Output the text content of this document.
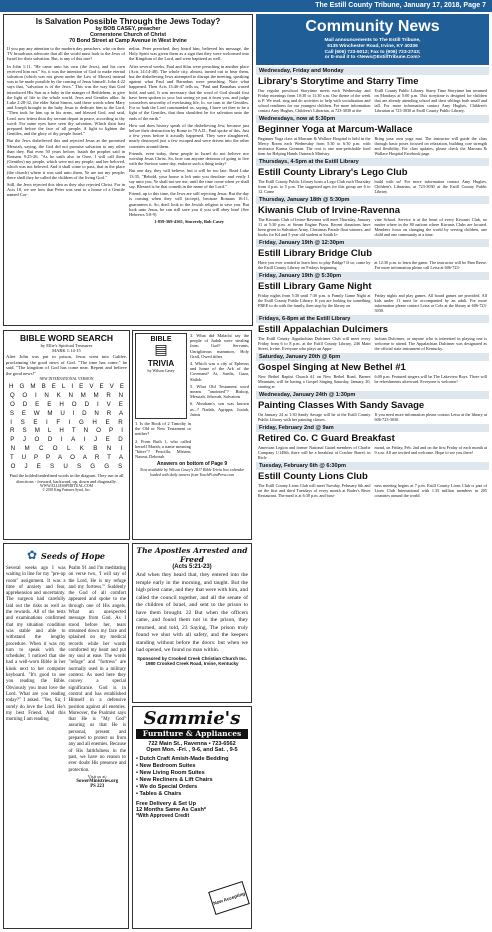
The Estill County Tribune, January 17, 2018, Page 7
Is Salvation Possible Through the Jews Today?
by BOB CASEY, preacher
Cornerstone Church of Christ
70 Bond Street at Camp Avenue in West Irvine

If you pay any attention to the modern day preachers, who on their TV broadcasts advocate that all the world must look to the Jews of Israel for their salvation. But, is any of this true?

In John 1:11, "He came unto his own (the Jews), and his own received him not." So, it was the intention of God to make eternal salvation (which was not given under the Law of Moses) instead was to be made possible by the coming of Jesus himself. John 4:22 says that, "salvation is of the Jews." This was the way that God introduced His Son as a baby in the manger of Bethlehem, to give the light of life to the whole world, Jews and Gentiles alike. In Luke 2:28-32, the elder Saint Simon, said these words when Mary and Joseph brought in the baby Jesus to dedicate him to the Lord, "Then took he him up in his arms, and blessed God, and said, Lord, now lettest thou thy servant depart in peace, according to thy word: For mine eyes have seen thy salvation, Which thou hast prepared before the face of all people; A light to lighten the Gentiles, and the glory of thy people Israel."

But the Jews disbelieved this and rejected Jesus as the promised Messiah, saying, the God did not promise salvation to any other than they. But even 50 years before, Isaiah the prophet said in Romans 9:25-26, "As he saith also in Osee, I will call them (Gentiles) my people, which were not my people; and her beloved, which was not beloved. And it shall come to pass, that in the place (the church) where it was said unto them, Ye are not my people; there shall they be called the children of the living God."

Still, the Jews rejected this idea as they also rejected Christ. For in Acts 10, we see how that Peter was sent to a house of a Gentile named Cor-

nelius. Peter preached, they heard him, believed his message, the Holy Spirit was given them as a sign that they were welcomed into the Kingdom of the Lord, and were baptized as well.

After several weeks, Paul and Silas were preaching in another place (Acts 14:14-48). The whole city, almost, turned out to hear them, but the disbelieving Jews attempted to disrupt the meeting, speaking against what Paul and Barnabus were preaching. Note what happened. Then Acts 13:46-47 tells us, "Paul and Barnabas waxed bold, and said, It was necessary that the word of God should first have been spoken to you: but seeing ye put it from you, and judge yourselves unworthy of everlasting life, lo, we turn to the Gentiles. For so hath the Lord commanded us, saying, I have set thee to be a light of the Gentiles, that thou shouldest be for salvation unto the ends of the earth."

How sad does history speak of the disbelieving Jew, because just before their destruction by Rome in 70 A.D., Paul spoke of this. Just a few years before it actually happened. They were slaughtered, nearly destroyed just a few escaped and were driven into the other countries around them.

Friends, even today, these people in Israel do not believe nor worship Jesus Christ. So, how can anyone desirous of going to live with the Saviour some day, endorse such a thing today?

But one day, they will believe, but it will be too late. Read Luke 13:35, "Behold, your house is left unto you desolate: and verily I say unto you, Ye shall not see me, until the time come when ye shall say, Blessed is he that cometh in the name of the Lord."

Friend, up to this time, the Jews are still rejecting Jesus. But the day is coming when they will (accept), because Romans 16:11, guarantees it. So, don't look to the Jewish religion to save you. But look unto Jesus, he can still save you if you will obey him! (See Hebrews 5:8-9)

1-859-369-4165, Sincerely, Bob Casey

BIBLE WORD SEARCH
by Ellie's Spiritual Treasures
MARK 1:14-15
After John was put in prison, Jesus went into Galilee, proclaiming the good news of God. "The time has come," he said. "The kingdom of God has come near. Repent and believe the good news!"
NEW INTERNATIONAL VERSION
H G M B E L I E V E V E
Q O I N K N M M R N
O D E E H O D I V E
S E W M U I D N R A
I S E I F I G H E R
R S M L H T N O P I
P J O D I A I J E D
N M C O L K B N I
T U P P A O A R T A
O J E S U S G G S
Find the bolded/underlined words in the diagram. They run in all directions - forward, backward, up, down and diagonally.
WWW.ELLIESSPIRITUAL.COM
© 2018 King Features Synd., Inc.
BIBLE
▤
TRIVIA
by Wilson Casey

3. What did Malachi say the people of Judah were stealing from God? Servants, Unrighteous mammon, Holy Grail, Owed tithes

4. Which was a city of Ephesus and home of the Ark of the Covenant? Ai, Sardis, Gaza, Shiloh

5. What Old Testament word means "anointed"? Bishop, Messiah, Jehovah, Salvation

6. Abraham's son was known as...? Nadab, Agrippa, Josiah, Jairus

1. Is the Book of 2 Timothy in the Old or New Testament or neither?

2. From Ruth 1, who called herself Marah, a name meaning "bitter"? Priscilla, Miriam, Naomi, Deborah

Answers on bottom of Page 9
Now available by Wilson Casey's 2017 Bible Trivia box calendar loaded with daily teasers from TouchPointPress.com
The Apostles Arrested and Freed
(Acts 5:21-23)
And when they heard that, they entered into the temple early in the morning, and taught. But the high priest came, and they that were with him, and called the council together, and all the senate of the children of Israel, and sent to the prison to have them brought. 22 But when the officers came, and found them not in the prison, they returned, and told, 23 Saying, The prison truly found we shut with all safety, and the keepers standing without before the doors: but when we had opened, we found no man within.
Sponsored by Crooked Creek Christian Church Inc.
1980 Crooked Creek Road, Irvine, Kentucky
✿ Seeds of Hope
Several weeks ago I was waiting in line for my "pre-op room" assignment. It was a time of anxiety and fear, apprehension and uncertainty. The surgeon had carefully laid out the risks as well as the rewards. All of the tests and examinations confirmed that my situation condition was stable and able to withstand the lengthy procedure. When it was my turn to speak with the scheduler, I noticed that she had a well-worn Bible in her kiosk next to her computer keyboard. "It's good to see you reading the Bible. Obviously you must love the Lord. What are you reading today?" I asked. "Yes, Sir, I surely do love the Lord. He's my best Friend. And this morning I am reading
Psalm 91 and I'm meditating on verse two, 'I will say of the Lord, He is my refuge and my fortress.'" Suddenly the God of all comfort appeared and spoke to me through one of His angels. What an unexpected message from God. As I stood before her, tears streamed down my face and splashed on my medical records while her words comforted my heart and put my soul at ease. The words "refuge" and "fortress" are normally used in a military context. As used here they convey a special significance. God is in control and has established Himself in a defensive position against all enemies. Moreover, the Psalmist says that He is "My God" assuring us that He is personal, present and prepared to protect us from any and all enemies. Because of His faithfulness in the past, we have no reason to ever doubt His presence and protection.
Visit us at:
SowerMinistries.org
PS 223
Sammie's
Furniture & Appliances
722 Main St., Ravenna • 723-6562
Open Mon. -Fri. , 9-6, and Sat. , 9-5
• Dutch Craft Amish-Made Bedding
• New Bedroom Suites
• New Living Room Suites
• New Recliners & Lift Chairs
• We do Special Orders
• Tables & Chairs
Free Delivery & Set Up
12 Months Same As Cash*
*With Approved Credit
Now Accepting
Community News
Mail announcements to The Estill Tribune,
6135 Winchester Road, Irvine, KY 40336
Call (606) 723-5012; Fax to (606) 723-2743;
or E-mail it to <News@EstillTribune.Com>
Wednesday, Friday and Monday
Library's Storytime and Starry Time
Our regular preschool Storytime meets each Wednesday and Friday mornings from 10:30 to 11:30 a.m. Our theme of the week is P. We read, sing and do activities to help with socialization and school readiness for our youngest children. For more information contact Amy Hughes, Children's Librarian, at 723-3030 at the
Estill County Public Library. Starry Time Storytime has resumed on Mondays at 5:00 p.m. This storytime is designed for children that are already attending school and their siblings both small and tall. For more information contact Amy Hughes, Children's Librarian at 723-3030 at Estill County Public Library.
Wednesdays, now at 5:30pm
Beginner Yoga at Marcum-Wallace
Beginner Yoga class at Marcum & Wallace Hospital is held in the Mercy Room each Wednesday from 5:30 to 6:30 p.m. with instructor Karma Gorman. The cost is one non-perishable food item for Helping Hands Outreach Ministry.
Bring your own yoga mat. The instructor will guide the class through basic poses focused on relaxation, building core strength and flexibility. For class updates, please check the Marcum & Wallace Hospital Facebook page.
Thursdays, 4-5pm at the Estill Library
Estill County Library's Lego Club
The Estill County Public Library hosts a Lego Club each Thursday from 4 p.m. to 5 p.m. The suggested ages for this group are 6 to 12. Come
build with us! For more information contact Amy Hughes, Children's Librarian, at 723-3030 at the Estill County Public Library.
Thursday, January 18th @ 5:30pm
Kiwanis Club of Irvine-Ravenna
The Kiwanis Club of Irvine-Ravenna will meet Thursday, January 11 at 5:30 p.m. at Steam Engine Pizza. Recent donations have been given to Salvation Army, Christmas Parade float winners, and books for K4 and 5 year old student at South Ir-
vine School. Service is at the heart of every Kiwanis Club, no matter where in the 80 nations where Kiwanis Clubs are located. Members focus on changing the world by serving children, one child and one community at a time.
Friday, January 19th @ 12:30pm
Estill Library Bridge Club
Have you ever wanted to learn how to play Bridge? If so, come by the Estill County Library on Fridays beginning
at 12:30 p.m. to learn the game. The instructor will be Pam Reese. For more information please call Leisa at 606-723-
Friday, January 19th @ 5:30pm
Estill Library Game Night
Friday nights from 5:30 until 7:30 p.m. is Family Game Night at the Estill County Public Library. If you are looking for something FREE to do with the family, then stop by the library on
Friday nights and play games. All board games are provided. All kids under 11 must be accompanied by an adult. For more information please contact Leisa or Cole at the library at 606-723-3030.
Fridays, 6-8pm at the Estill Library
Estill Appalachian Dulcimers
The Estill County Appalachian Dulcimer Club will meet every Friday from 6 to 8 p.m. at the Estill County Library, 246 Main Street, Irvine. Everyone who plays an Appa-
lachian Dulcimer, or anyone who is interested in playing one is welcome to attend. The Appalachian Dulcimer was designated as the official state instrument of Kentucky.
Saturday, January 20th @ 6pm
Gospel Singing at New Bethel #1
New Bethel Baptist Church #1 on New Bethel Road, Barnes Mountain, will be having a Gospel Singing Saturday, January 20, starting at
6:00 p.m. Featured singers will be The Lakeview Boys. There will be refreshments afterward. Everyone is welcome!
Wednesday, January 24th @ 1:30pm
Painting Classes With Sandy Savage
On January 24 at 1:30 Sandy Savage will be at the Estill County Public Library with her painting classes.
If you need more information please contact Leisa at the library at 606-723-3030.
Friday, February 2nd @ 9am
Retired Co. C Guard Breakfast
American Legion and former National Guard members of Charlie Company 1/149th, there will be a breakfast at Cracker Barrel, in Rich-
mond, on Friday, Feb. 2nd and on the first Friday of each month at 9 a.m. All are invited and welcome. Hope to see you there!
Tuesday, February 6th @ 6:30pm
Estill County Lions Club
The Estill County Lions Club will meet Tuesday, February 6th and on the first and third Tuesdays of every month at Rader's River Restaurant. The meal is at 6:30 p.m. and busi-
ness meeting begins at 7 p.m. Estill County Lions Club is part of Lions Club International with 1.35 million members in 205 countries around the world.
